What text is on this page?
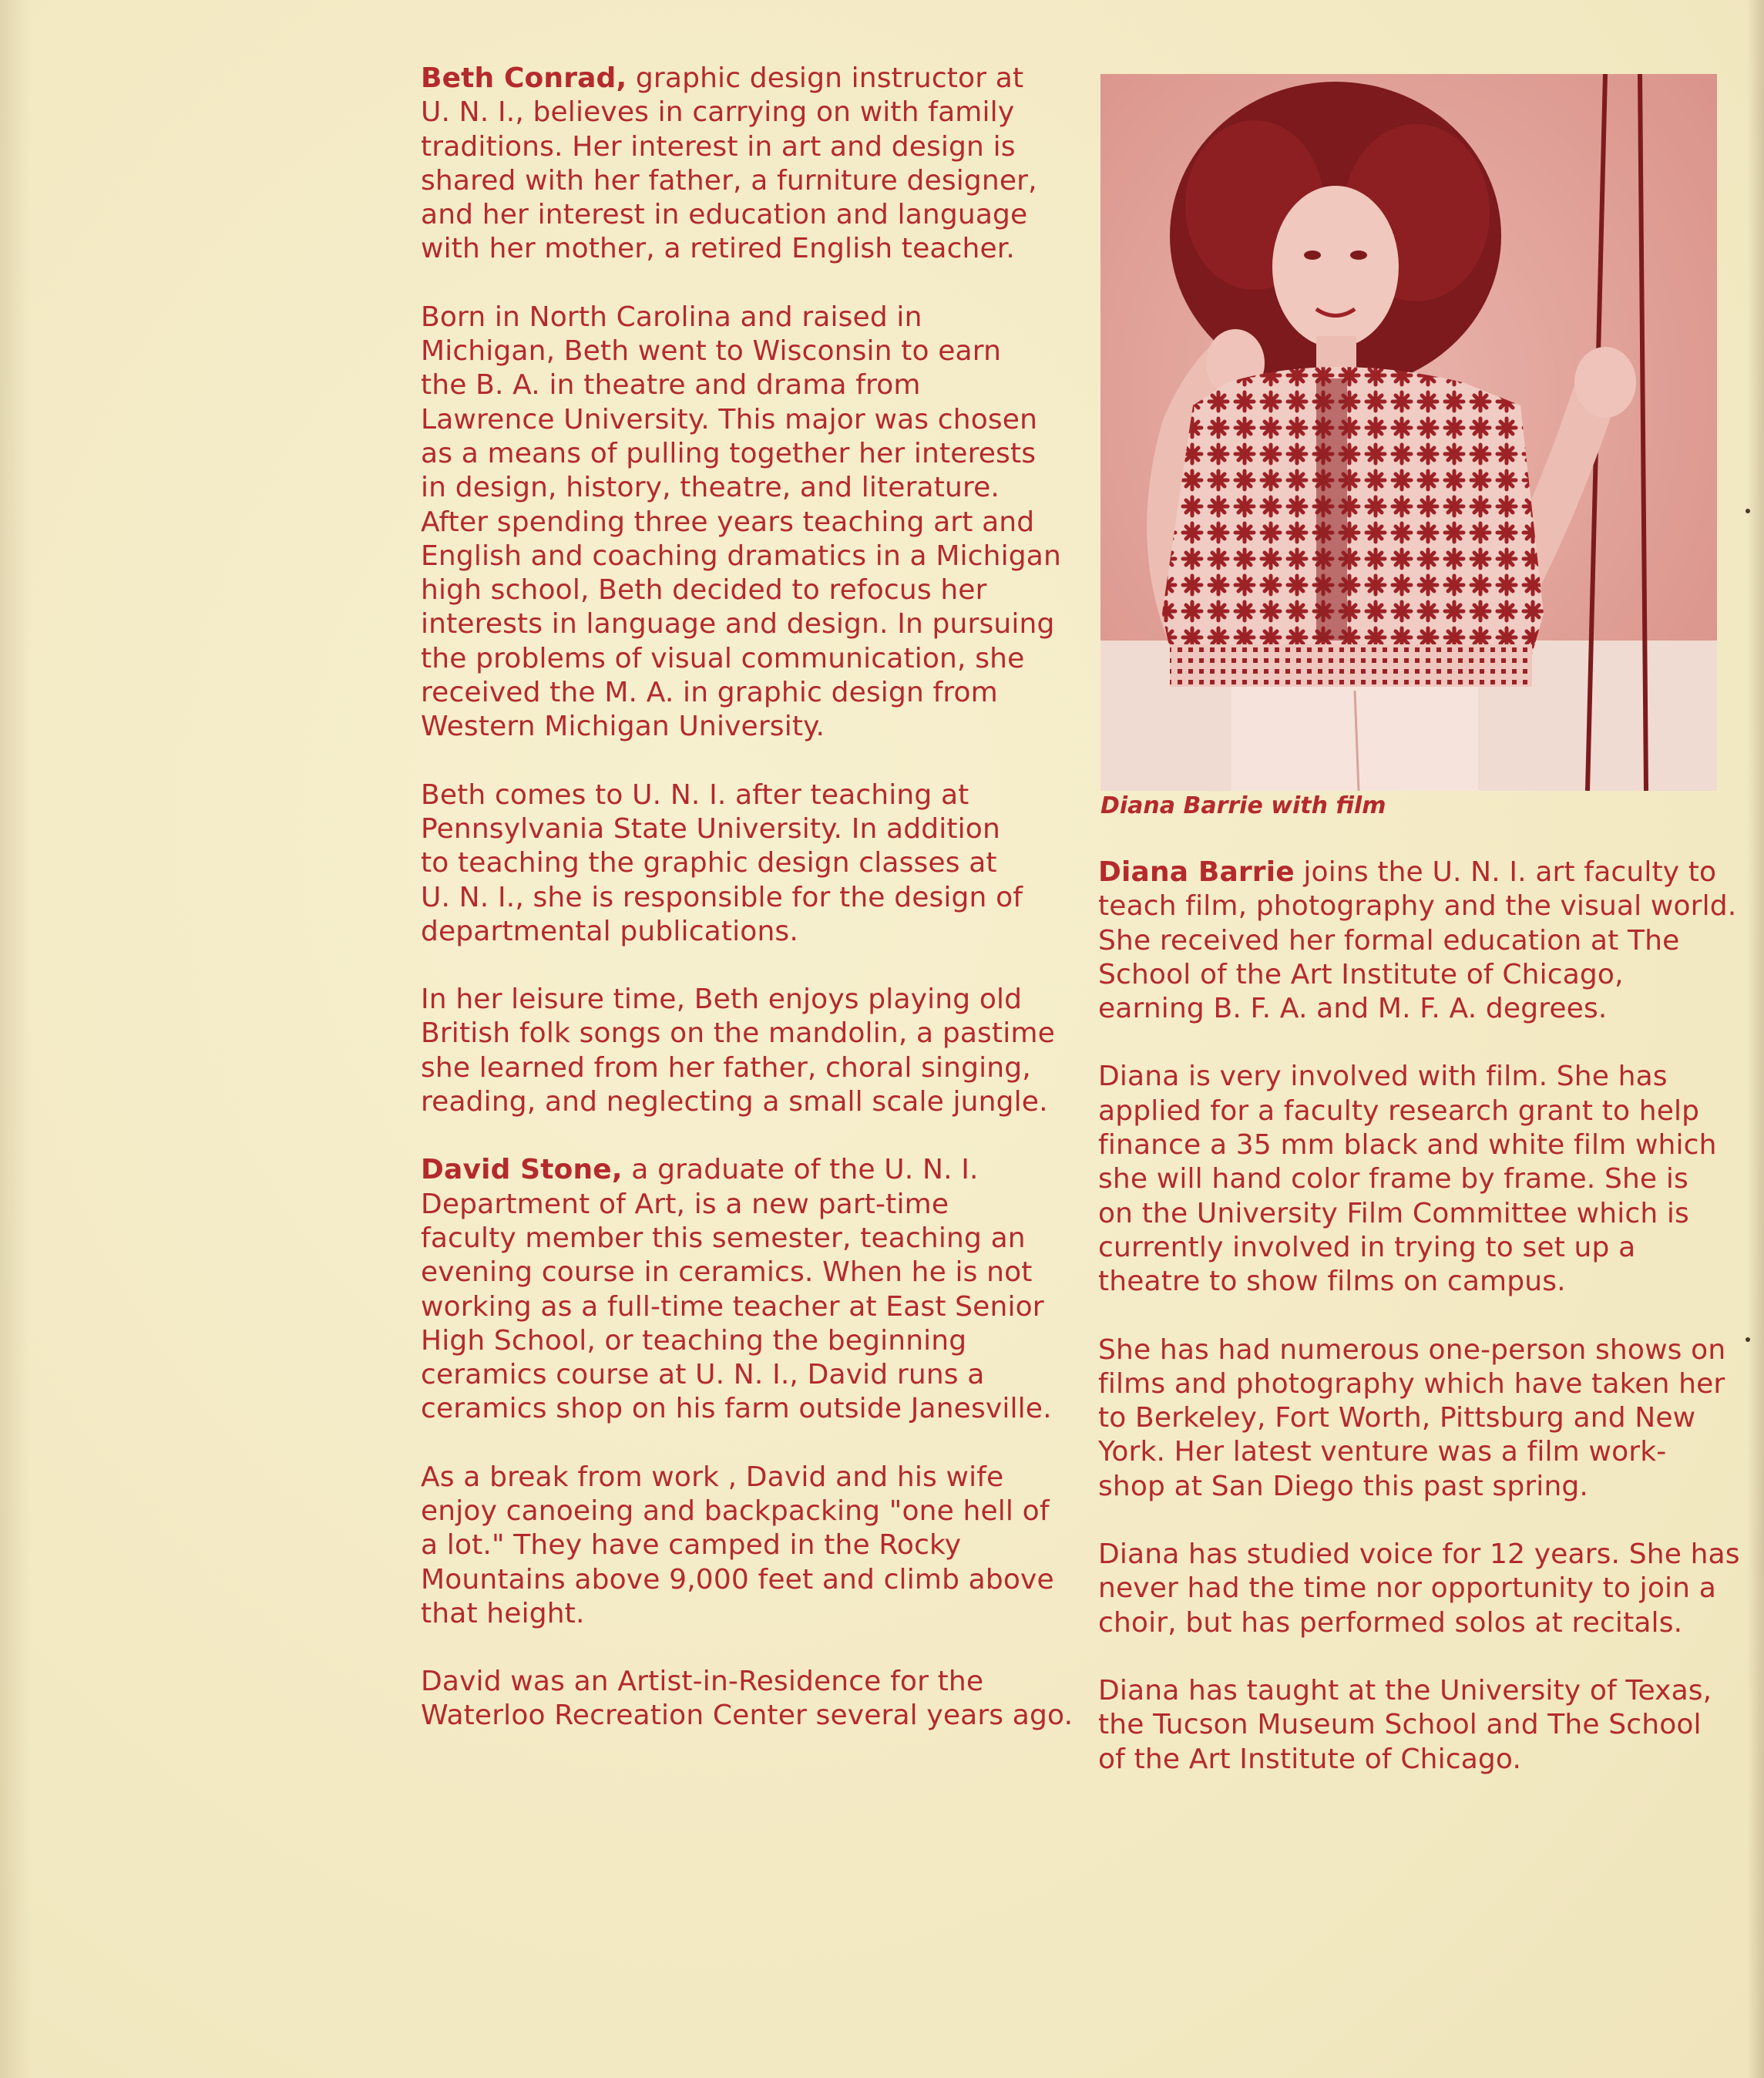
Beth Conrad, graphic design instructor at
U. N. I., believes in carrying on with family
traditions. Her interest in art and design is
shared with her father, a furniture designer,
and her interest in education and language
with her mother, a retired English teacher.
Born in North Carolina and raised in
Michigan, Beth went to Wisconsin to earn
the B. A. in theatre and drama from
Lawrence University. This major was chosen
as a means of pulling together her interests
in design, history, theatre, and literature.
After spending three years teaching art and
English and coaching dramatics in a Michigan
high school, Beth decided to refocus her
interests in language and design. In pursuing
the problems of visual communication, she
received the M. A. in graphic design from
Western Michigan University.
Beth comes to U. N. I. after teaching at
Pennsylvania State University. In addition
to teaching the graphic design classes at
U. N. I., she is responsible for the design of
departmental publications.
In her leisure time, Beth enjoys playing old
British folk songs on the mandolin, a pastime
she learned from her father, choral singing,
reading, and neglecting a small scale jungle.
David Stone, a graduate of the U. N. I.
Department of Art, is a new part-time
faculty member this semester, teaching an
evening course in ceramics. When he is not
working as a full-time teacher at East Senior
High School, or teaching the beginning
ceramics course at U. N. I., David runs a
ceramics shop on his farm outside Janesville.
As a break from work , David and his wife
enjoy canoeing and backpacking "one hell of
a lot." They have camped in the Rocky
Mountains above 9,000 feet and climb above
that height.
David was an Artist-in-Residence for the
Waterloo Recreation Center several years ago.
Diana Barrie with film
Diana Barrie joins the U. N. I. art faculty to
teach film, photography and the visual world.
She received her formal education at The
School of the Art Institute of Chicago,
earning B. F. A. and M. F. A. degrees.
Diana is very involved with film. She has
applied for a faculty research grant to help
finance a 35 mm black and white film which
she will hand color frame by frame. She is
on the University Film Committee which is
currently involved in trying to set up a
theatre to show films on campus.
She has had numerous one-person shows on
films and photography which have taken her
to Berkeley, Fort Worth, Pittsburg and New
York. Her latest venture was a film work-
shop at San Diego this past spring.
Diana has studied voice for 12 years. She has
never had the time nor opportunity to join a
choir, but has performed solos at recitals.
Diana has taught at the University of Texas,
the Tucson Museum School and The School
of the Art Institute of Chicago.
